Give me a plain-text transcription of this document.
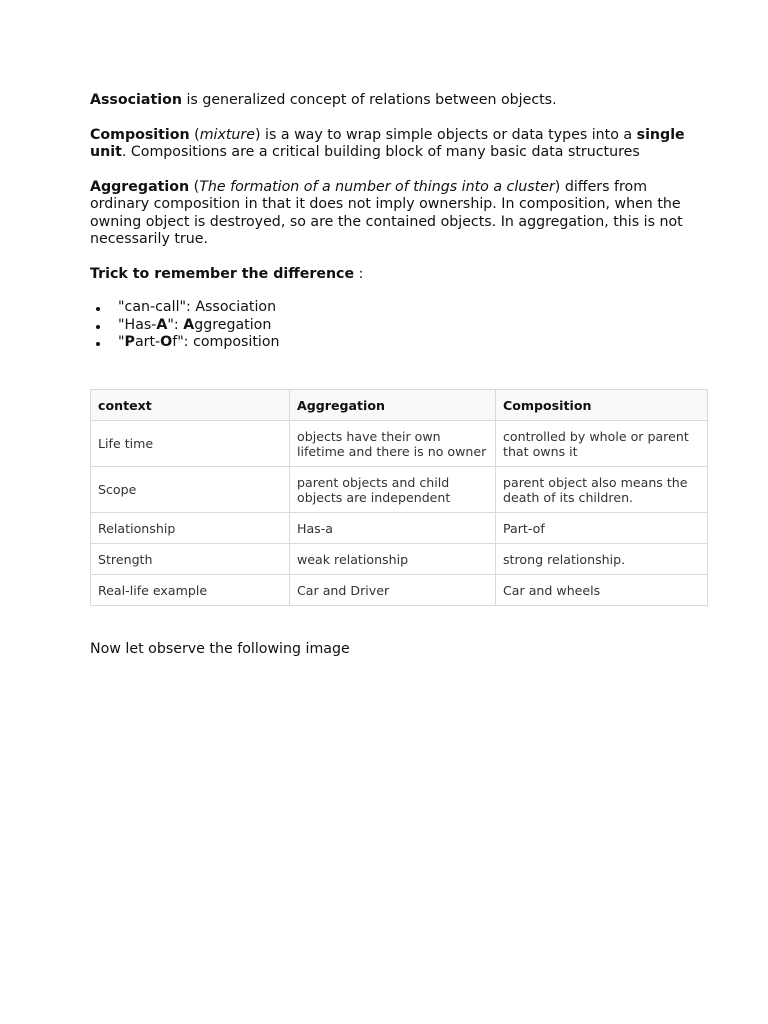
Association is generalized concept of relations between objects.

Composition (mixture) is a way to wrap simple objects or data types into a single unit. Compositions are a critical building block of many basic data structures

Aggregation (The formation of a number of things into a cluster) differs from ordinary composition in that it does not imply ownership. In composition, when the owning object is destroyed, so are the contained objects. In aggregation, this is not necessarily true.

Trick to remember the difference :

"can-call": Association
"Has-A": Aggregation
"Part-Of": composition
context	Aggregation	Composition
Life time	objects have their own lifetime and there is no owner	controlled by whole or parent that owns it
Scope	parent objects and child objects are independent	parent object also means the death of its children.
Relationship	Has-a	Part-of
Strength	weak relationship	strong relationship.
Real-life example	Car and Driver	Car and wheels

Now let observe the following image
